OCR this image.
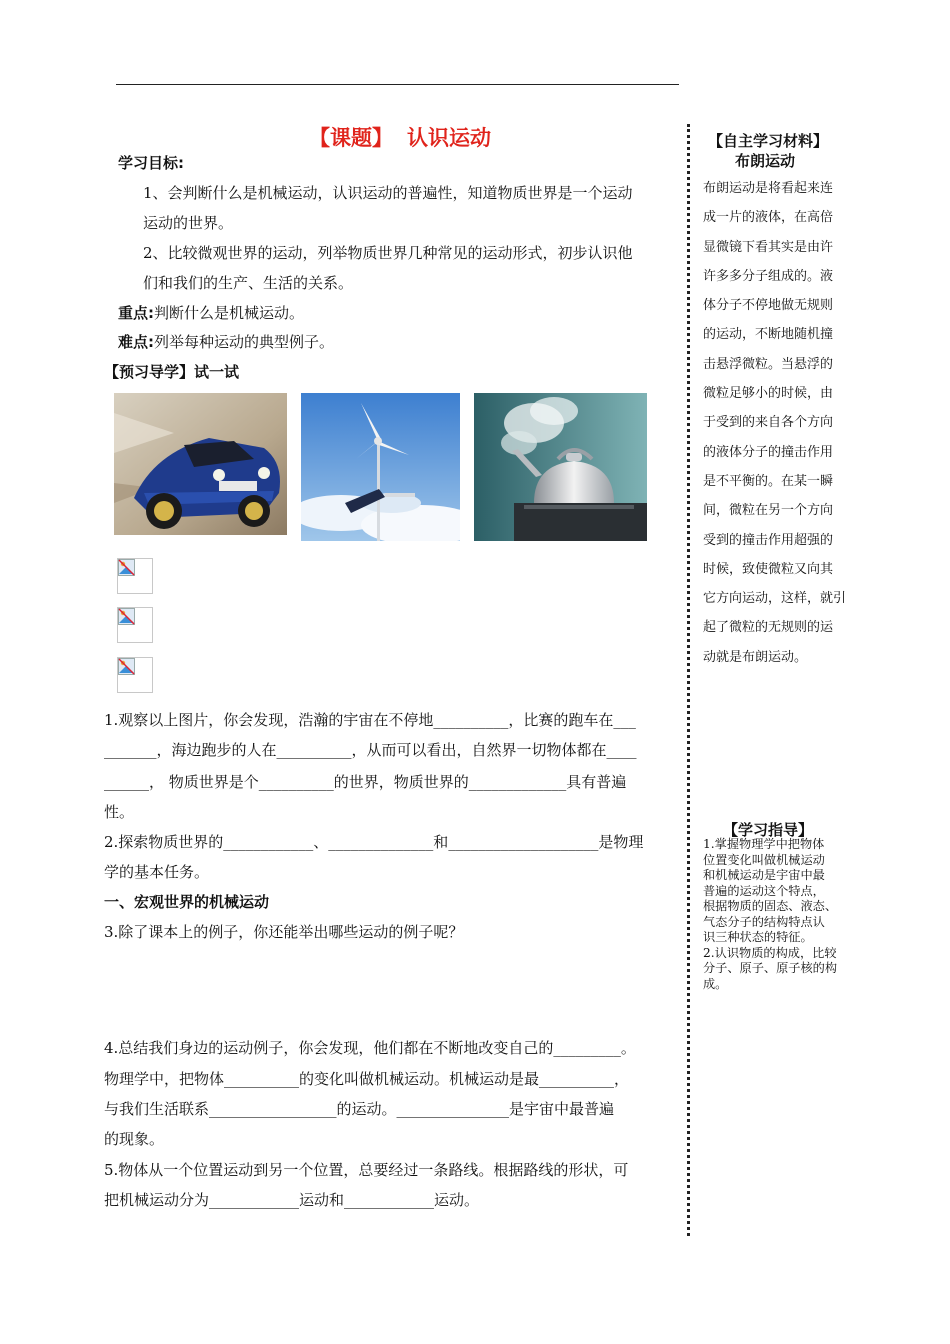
【课题】 认识运动
学习目标:
1、会判断什么是机械运动，认识运动的普遍性，知道物质世界是一个运动
运动的世界。
2、比较微观世界的运动，列举物质世界几种常见的运动形式，初步认识他
们和我们的生产、生活的关系。
重点:判断什么是机械运动。
难点:列举每种运动的典型例子。
【预习导学】试一试
1.观察以上图片，你会发现，浩瀚的宇宙在不停地__________，比赛的跑车在___
_______，海边跑步的人在__________，从而可以看出，自然界一切物体都在____
______， 物质世界是个__________的世界，物质世界的_____________具有普遍
性。
2.探索物质世界的____________、______________和____________________是物理
学的基本任务。
一、宏观世界的机械运动
3.除了课本上的例子，你还能举出哪些运动的例子呢？
4.总结我们身边的运动例子，你会发现，他们都在不断地改变自己的_________。
物理学中，把物体__________的变化叫做机械运动。机械运动是最__________，
与我们生活联系_________________的运动。_______________是宇宙中最普遍
的现象。
5.物体从一个位置运动到另一个位置，总要经过一条路线。根据路线的形状，可
把机械运动分为____________运动和____________运动。
【自主学习材料】
布朗运动
布朗运动是将看起来连
成一片的液体，在高倍
显微镜下看其实是由许
许多多分子组成的。液
体分子不停地做无规则
的运动，不断地随机撞
击悬浮微粒。当悬浮的
微粒足够小的时候，由
于受到的来自各个方向
的液体分子的撞击作用
是不平衡的。在某一瞬
间，微粒在另一个方向
受到的撞击作用超强的
时候，致使微粒又向其
它方向运动，这样，就引
起了微粒的无规则的运
动就是布朗运动。
【学习指导】
1.掌握物理学中把物体
位置变化叫做机械运动
和机械运动是宇宙中最
普遍的运动这个特点，
根据物质的固态、液态、
气态分子的结构特点认
识三种状态的特征。
2.认识物质的构成，比较
分子、原子、原子核的构
成。
